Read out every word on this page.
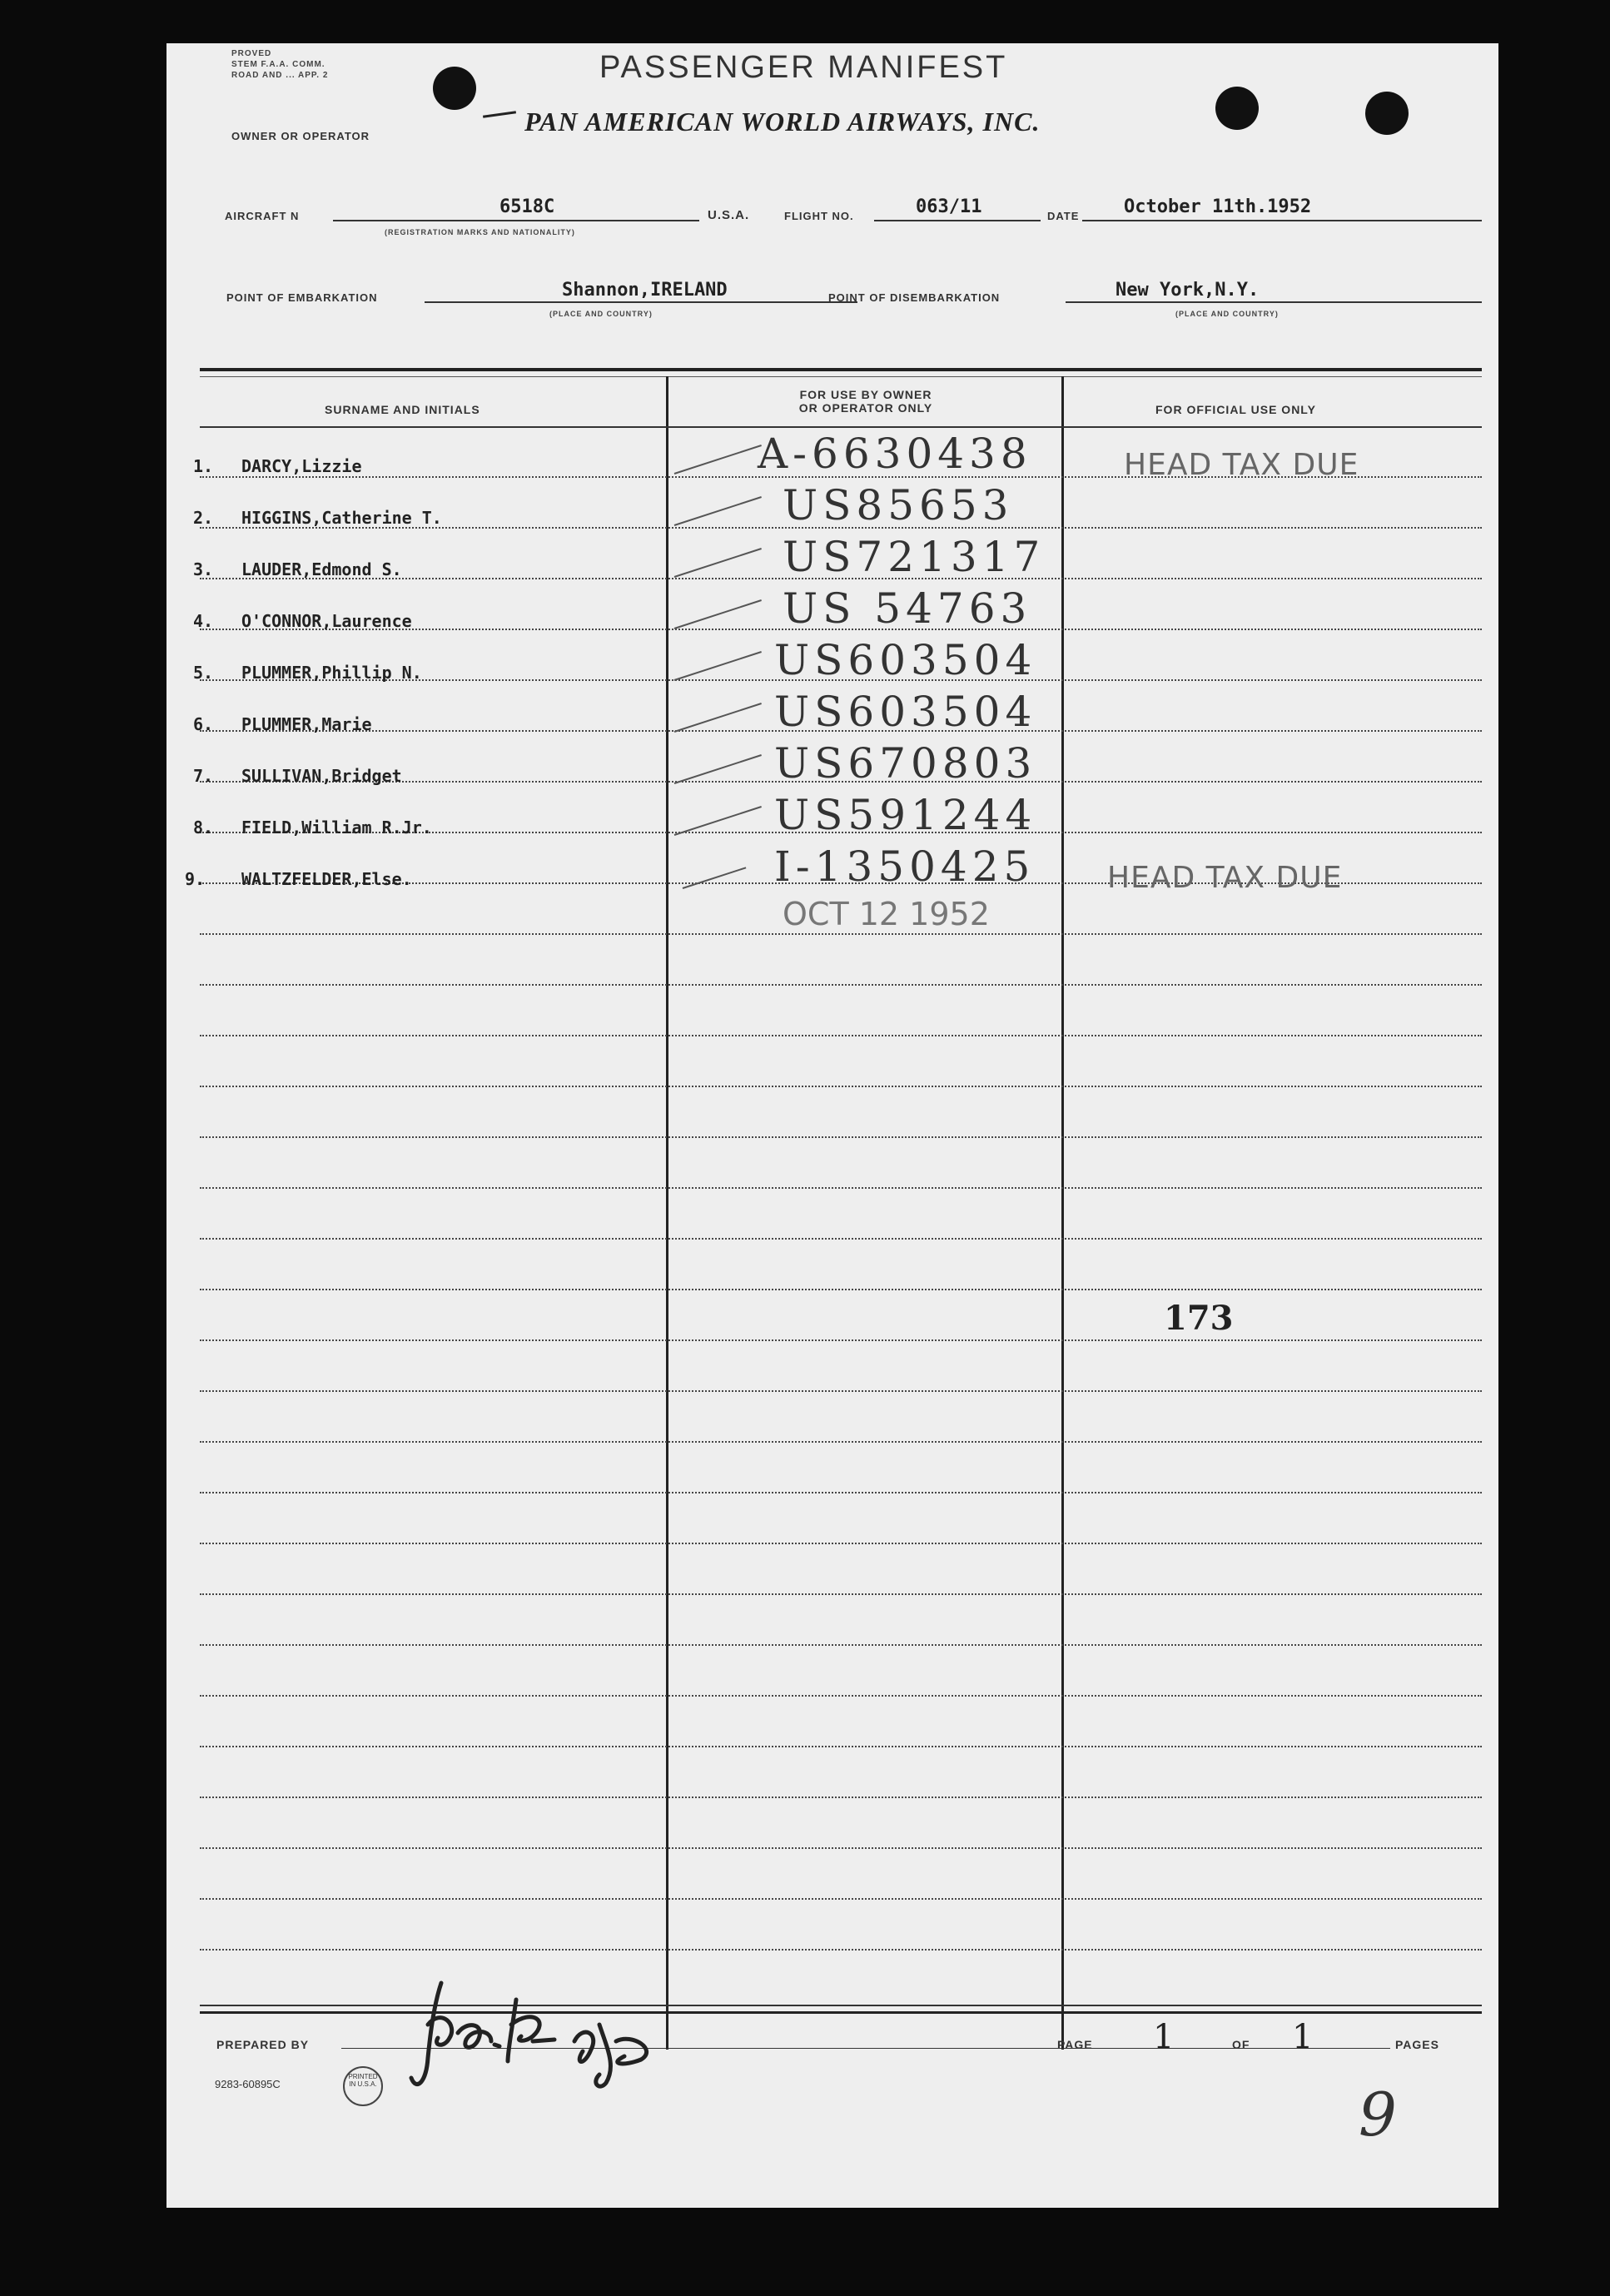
PROVED
STEM F.A.A. COMM.
ROAD AND ... APP. 2	PASSENGER MANIFEST
OWNER OR OPERATOR	PAN AMERICAN WORLD AIRWAYS, INC.
AIRCRAFT N	6518C
(REGISTRATION MARKS AND NATIONALITY)
U.S.A.	FLIGHT NO.	063/11	DATE October 11th.1952
POINT OF EMBARKATION	Shannon,IRELAND
(PLACE AND COUNTRY)
POINT OF DISEMBARKATION	New York,N.Y.
(PLACE AND COUNTRY)
SURNAME AND INITIALS
FOR USE BY OWNER
OR OPERATOR ONLY	FOR OFFICIAL USE ONLY
1. DARCY,Lizzie	A-6630438	HEAD TAX DUE
2. HIGGINS,Catherine T.	US85653
3. LAUDER,Edmond S.	US721317
4. O'CONNOR,Laurence	US 54763
5. PLUMMER,Phillip N.	US603504
6. PLUMMER,Marie	US603504
7. SULLIVAN,Bridget	US670803
8. FIELD,William R.Jr.	US591244
9. WALTZFELDER,Else.	I-1350425 HEAD TAX DUE
OCT 12 1952
173
PREPARED BY	PAGE 1	OF 1	PAGES
9283-60895C
PRINTED IN U.S.A.	9
